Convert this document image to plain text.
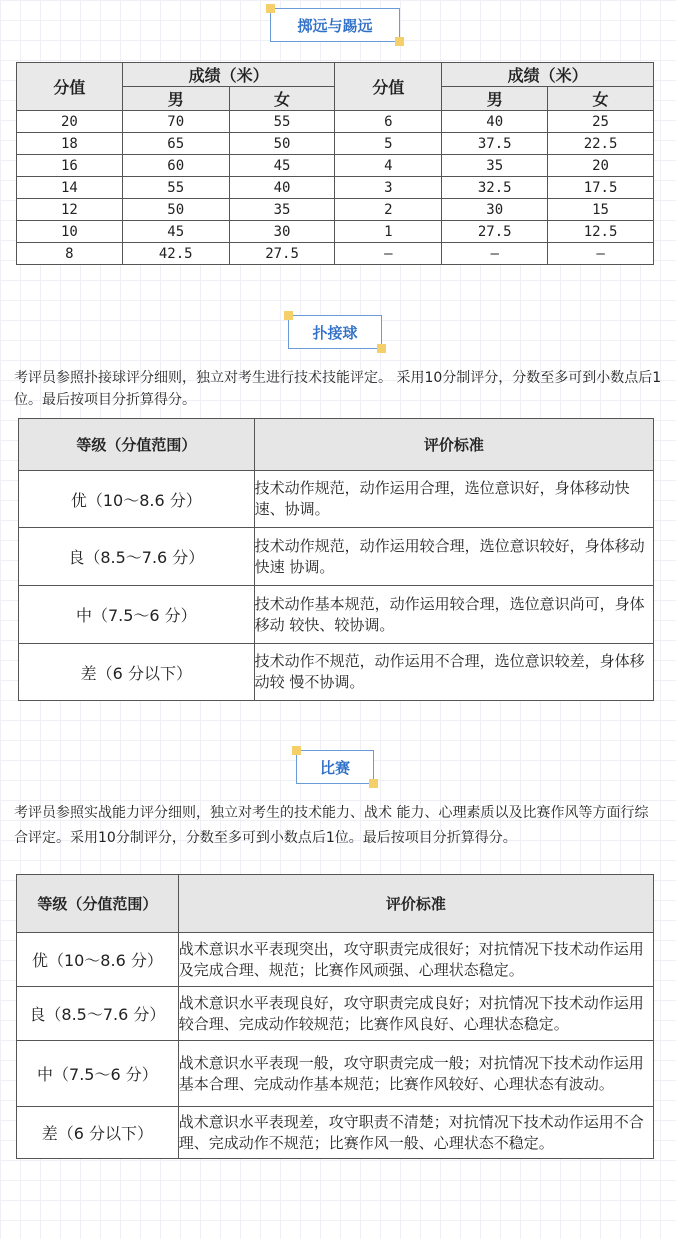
掷远与踢远
分值	成绩（米）		分值	成绩（米）	
	男	女		男	女
20	70	55	6	40	25
18	65	50	5	37.5	22.5
16	60	45	4	35	20
14	55	40	3	32.5	17.5
12	50	35	2	30	15
10	45	30	1	27.5	12.5
8	42.5	27.5	—	—	—
扑接球
考评员参照扑接球评分细则，独立对考生进行技术技能评定。 采用10分制评分，分数至多可到小数点后1位。最后按项目分折算得分。
等级（分值范围）	评价标准
优（10～8.6 分）	技术动作规范，动作运用合理，选位意识好，身体移动快速、协调。
良（8.5～7.6 分）	技术动作规范，动作运用较合理，选位意识较好，身体移动快速 协调。
中（7.5～6 分）	技术动作基本规范，动作运用较合理，选位意识尚可，身体移动 较快、较协调。
差（6 分以下）	技术动作不规范，动作运用不合理，选位意识较差，身体移动较 慢不协调。
比赛
考评员参照实战能力评分细则，独立对考生的技术能力、战术 能力、心理素质以及比赛作风等方面行综合评定。采用10分制评分，分数至多可到小数点后1位。最后按项目分折算得分。
等级（分值范围）	评价标准
优（10～8.6 分）	战术意识水平表现突出，攻守职责完成很好；对抗情况下技术动作运用及完成合理、规范；比赛作风顽强、心理状态稳定。
良（8.5～7.6 分）	战术意识水平表现良好，攻守职责完成良好；对抗情况下技术动作运用较合理、完成动作较规范；比赛作风良好、心理状态稳定。
中（7.5～6 分）	战术意识水平表现一般，攻守职责完成一般；对抗情况下技术动作运用基本合理、完成动作基本规范；比赛作风较好、心理状态有波动。
差（6 分以下）	战术意识水平表现差，攻守职责不清楚；对抗情况下技术动作运用不合理、完成动作不规范；比赛作风一般、心理状态不稳定。
